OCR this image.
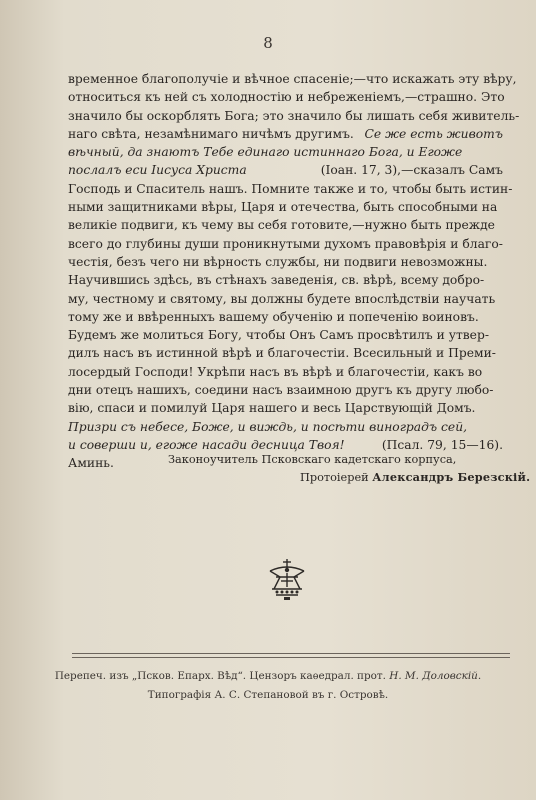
8
временное благополучіе и вѣчное спасеніе;—что искажать эту вѣру,
относиться къ ней съ холодностію и небреженіемъ,—страшно. Это
значило бы оскорблять Бога; это значило бы лишать себя живитель-
наго свѣта, незамѣнимаго ничѣмъ другимъ. Се же есть животъ
вѣчный, да знаютъ Тебе единаго истиннаго Бога, и Егоже
послалъ еси Іисуса Христа	(Іоан. 17, 3),—сказалъ Самъ
Господь и Спаситель нашъ. Помните также и то, чтобы быть истин-
ными защитниками вѣры, Царя и отечества, быть способными на
великіе подвиги, къ чему вы себя готовите,—нужно быть прежде
всего до глубины души проникнутыми духомъ правовѣрія и благо-
честія, безъ чего ни вѣрность службы, ни подвиги невозможны.
Научившись здѣсь, въ стѣнахъ заведенія, св. вѣрѣ, всему добро-
му, честному и святому, вы должны будете впослѣдствіи научать
тому же и ввѣренныхъ вашему обученію и попеченію воиновъ.
Будемъ же молиться Богу, чтобы Онъ Самъ просвѣтилъ и утвер-
дилъ насъ въ истинной вѣрѣ и благочестіи. Всесильный и Преми-
лосердый Господи! Укрѣпи насъ въ вѣрѣ и благочестіи, какъ во
дни отецъ нашихъ, соедини насъ взаимною другъ къ другу любо-
вію, спаси и помилуй Царя нашего и весь Царствующій Домъ.
Призри съ небесе, Боже, и виждь, и посѣти виноградъ сей,
и соверши и, егоже насади десница Твоя!	(Псал. 79, 15—16).
Аминь.	Законоучитель Псковскаго кадетскаго корпуса,
Протоіерей Александръ Березскій.
Перепеч. изъ „Псков. Епарх. Вѣд“. Цензоръ каѳедрал. прот. Н. М. Доловскій.
Типографія А. С. Степановой въ г. Островѣ.
